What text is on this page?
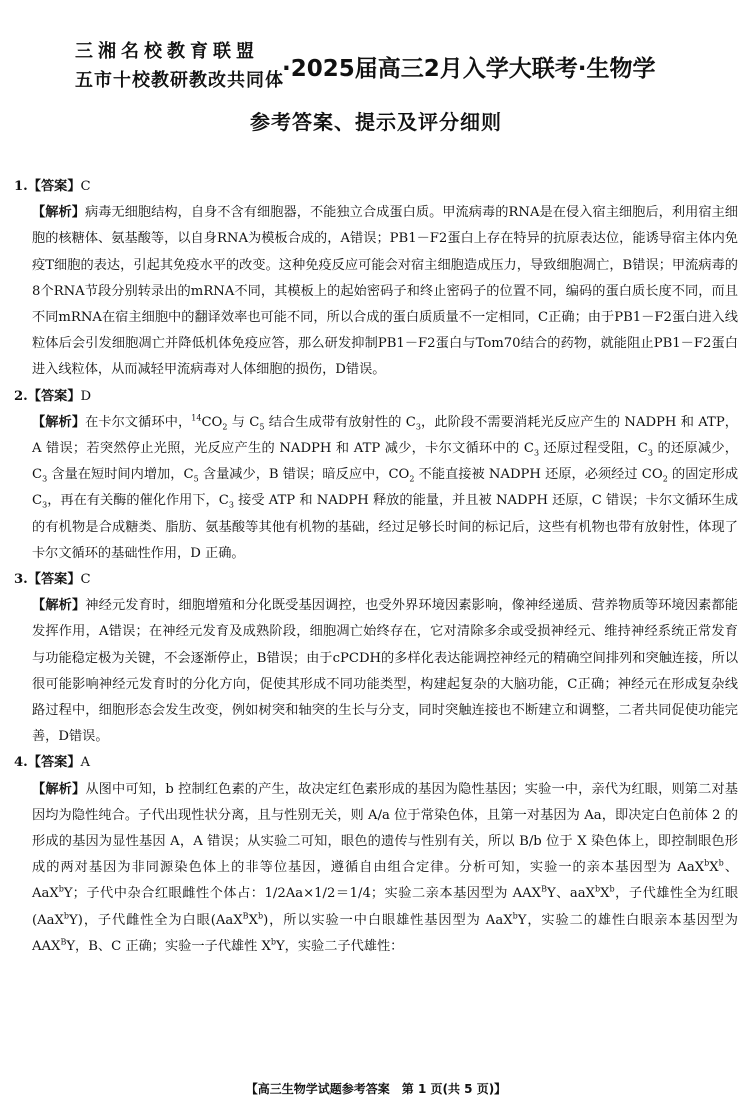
三湘名校教育联盟
五市十校教研教改共同体
·2025届高三2月入学大联考·生物学
参考答案、提示及评分细则

1.【答案】C

【解析】病毒无细胞结构，自身不含有细胞器，不能独立合成蛋白质。甲流病毒的RNA是在侵入宿主细胞后，利用宿主细胞的核糖体、氨基酸等，以自身RNA为模板合成的，A错误；PB1－F2蛋白上存在特异的抗原表达位，能诱导宿主体内免疫T细胞的表达，引起其免疫水平的改变。这种免疫反应可能会对宿主细胞造成压力，导致细胞凋亡，B错误；甲流病毒的8个RNA节段分别转录出的mRNA不同，其模板上的起始密码子和终止密码子的位置不同，编码的蛋白质长度不同，而且不同mRNA在宿主细胞中的翻译效率也可能不同，所以合成的蛋白质质量不一定相同，C正确；由于PB1－F2蛋白进入线粒体后会引发细胞凋亡并降低机体免疫应答，那么研发抑制PB1－F2蛋白与Tom70结合的药物，就能阻止PB1－F2蛋白进入线粒体，从而减轻甲流病毒对人体细胞的损伤，D错误。

2.【答案】D

【解析】在卡尔文循环中，$^{14}CO_2$ 与 $C_5$ 结合生成带有放射性的 $C_3$，此阶段不需要消耗光反应产生的 NADPH 和 ATP，A 错误；若突然停止光照，光反应产生的 NADPH 和 ATP 减少，卡尔文循环中的 $C_3$ 还原过程受阻，$C_3$ 的还原减少，$C_3$ 含量在短时间内增加，$C_5$ 含量减少，B 错误；暗反应中，$CO_2$ 不能直接被 NADPH 还原，必须经过 $CO_2$ 的固定形成 $C_3$，再在有关酶的催化作用下，$C_3$ 接受 ATP 和 NADPH 释放的能量，并且被 NADPH 还原，C 错误；卡尔文循环生成的有机物是合成糖类、脂肪、氨基酸等其他有机物的基础，经过足够长时间的标记后，这些有机物也带有放射性，体现了卡尔文循环的基础性作用，D 正确。

3.【答案】C

【解析】神经元发育时，细胞增殖和分化既受基因调控，也受外界环境因素影响，像神经递质、营养物质等环境因素都能发挥作用，A错误；在神经元发育及成熟阶段，细胞凋亡始终存在，它对清除多余或受损神经元、维持神经系统正常发育与功能稳定极为关键，不会逐渐停止，B错误；由于cPCDH的多样化表达能调控神经元的精确空间排列和突触连接，所以很可能影响神经元发育时的分化方向，促使其形成不同功能类型，构建起复杂的大脑功能，C正确；神经元在形成复杂线路过程中，细胞形态会发生改变，例如树突和轴突的生长与分支，同时突触连接也不断建立和调整，二者共同促使功能完善，D错误。

4.【答案】A

【解析】从图中可知，b 控制红色素的产生，故决定红色素形成的基因为隐性基因；实验一中，亲代为红眼，则第二对基因均为隐性纯合。子代出现性状分离，且与性别无关，则 A/a 位于常染色体，且第一对基因为 Aa，即决定白色前体 2 的形成的基因为显性基因 A，A 错误；从实验二可知，眼色的遗传与性别有关，所以 B/b 位于 X 染色体上，即控制眼色形成的两对基因为非同源染色体上的非等位基因，遵循自由组合定律。分析可知，实验一的亲本基因型为 $AaX^bX^b$、AaX$^b$Y；子代中杂合红眼雌性个体占：1/2Aa×1/2＝1/4；实验二亲本基因型为 $AAX^BY$、$aaX^bX^b$，子代雄性全为红眼(AaX$^b$Y)，子代雌性全为白眼$(AaX^BX^b)$，所以实验一中白眼雄性基因型为 AaX$^b$Y，实验二的雄性白眼亲本基因型为 $AAX^BY$，B、C 正确；实验一子代雄性 $X^bY$，实验二子代雄性：

【高三生物学试题参考答案　第 1 页(共 5 页)】
